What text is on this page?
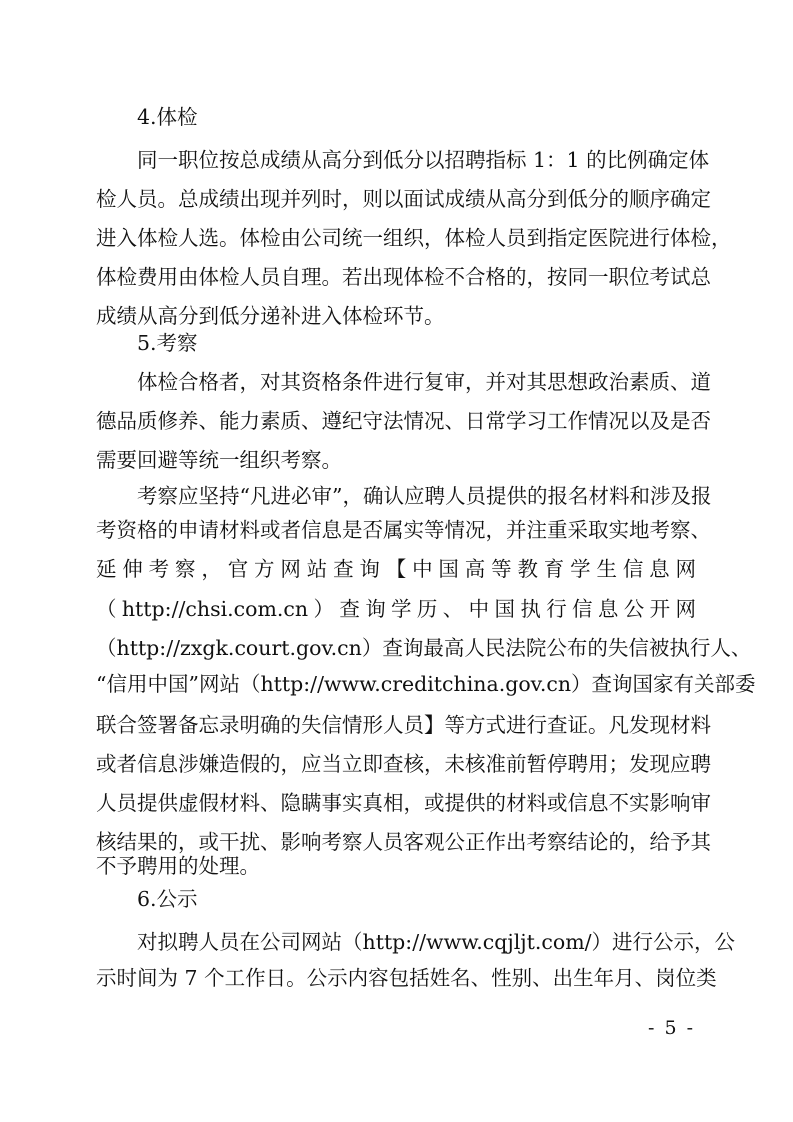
4.体检
同一职位按总成绩从高分到低分以招聘指标 1：1 的比例确定体
检人员。总成绩出现并列时，则以面试成绩从高分到低分的顺序确定
进入体检人选。体检由公司统一组织，体检人员到指定医院进行体检，
体检费用由体检人员自理。若出现体检不合格的，按同一职位考试总
成绩从高分到低分递补进入体检环节。
5.考察
体检合格者，对其资格条件进行复审，并对其思想政治素质、道
德品质修养、能力素质、遵纪守法情况、日常学习工作情况以及是否
需要回避等统一组织考察。
考察应坚持“凡进必审”，确认应聘人员提供的报名材料和涉及报
考资格的申请材料或者信息是否属实等情况，并注重采取实地考察、
延伸考察，官方网站查询【中国高等教育学生信息网
（http://chsi.com.cn）查询学历、中国执行信息公开网
（http://zxgk.court.gov.cn）查询最高人民法院公布的失信被执行人、
“信用中国”网站（http://www.creditchina.gov.cn）查询国家有关部委
联合签署备忘录明确的失信情形人员】等方式进行查证。凡发现材料
或者信息涉嫌造假的，应当立即查核，未核准前暂停聘用；发现应聘
人员提供虚假材料、隐瞒事实真相，或提供的材料或信息不实影响审
核结果的，或干扰、影响考察人员客观公正作出考察结论的，给予其
不予聘用的处理。
6.公示
对拟聘人员在公司网站（http://www.cqjljt.com/）进行公示，公
示时间为 7 个工作日。公示内容包括姓名、性别、出生年月、岗位类
- 5 -
